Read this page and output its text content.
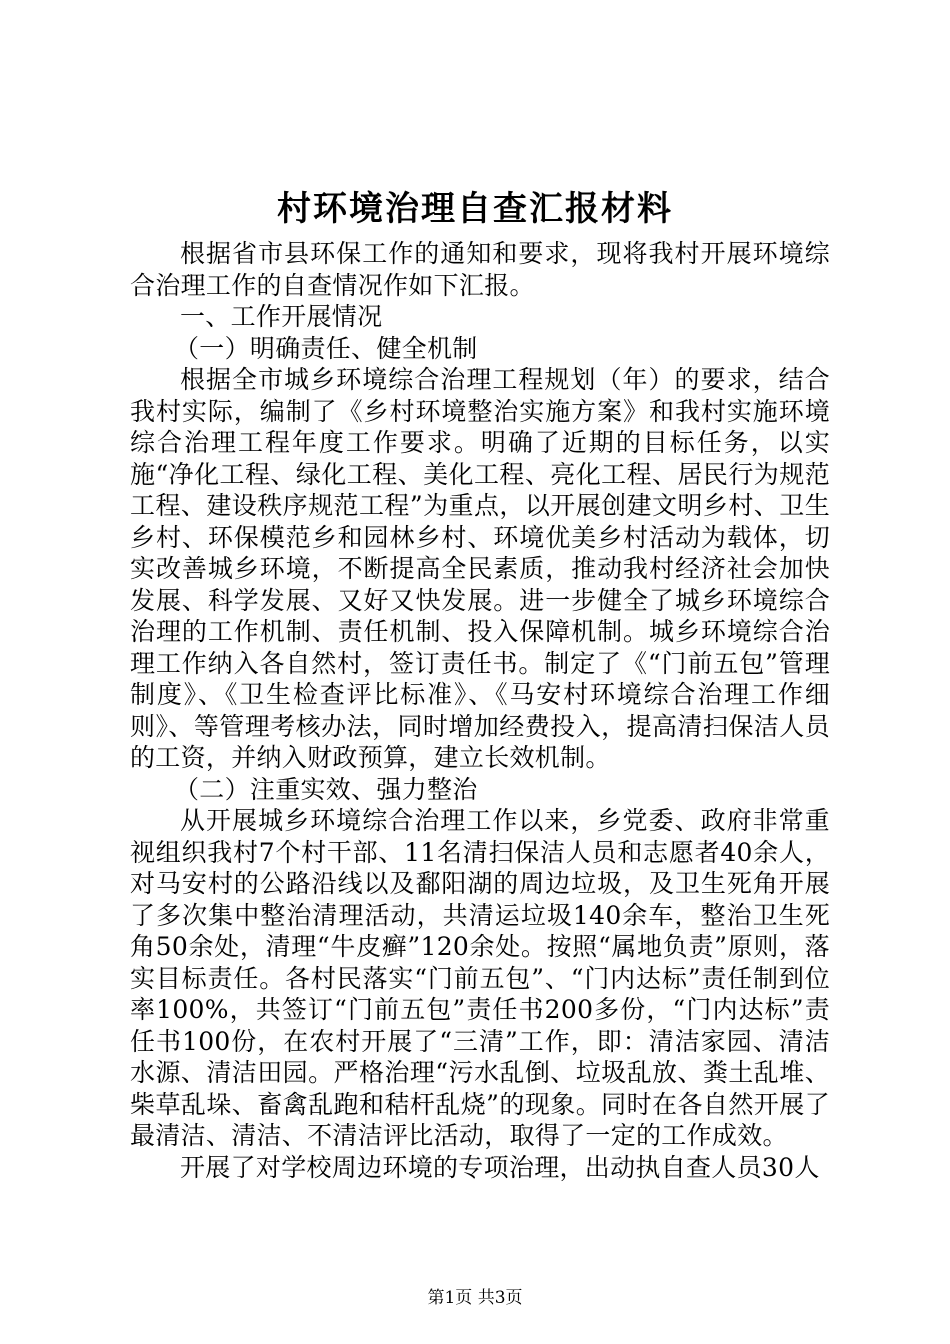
村环境治理自查汇报材料

根据省市县环保工作的通知和要求，现将我村开展环境综合治理工作的自查情况作如下汇报。

一、工作开展情况

（一）明确责任、健全机制

根据全市城乡环境综合治理工程规划（年）的要求，结合我村实际，编制了《乡村环境整治实施方案》和我村实施环境综合治理工程年度工作要求。明确了近期的目标任务，以实施“净化工程、绿化工程、美化工程、亮化工程、居民行为规范工程、建设秩序规范工程”为重点，以开展创建文明乡村、卫生乡村、环保模范乡和园林乡村、环境优美乡村活动为载体，切实改善城乡环境，不断提高全民素质，推动我村经济社会加快发展、科学发展、又好又快发展。进一步健全了城乡环境综合治理的工作机制、责任机制、投入保障机制。城乡环境综合治理工作纳入各自然村，签订责任书。制定了《“门前五包”管理制度》、《卫生检查评比标准》、《马安村环境综合治理工作细则》、等管理考核办法，同时增加经费投入，提高清扫保洁人员的工资，并纳入财政预算，建立长效机制。

（二）注重实效、强力整治

从开展城乡环境综合治理工作以来，乡党委、政府非常重视组织我村7个村干部、11名清扫保洁人员和志愿者40余人，对马安村的公路沿线以及鄱阳湖的周边垃圾，及卫生死角开展了多次集中整治清理活动，共清运垃圾140余车，整治卫生死角50余处，清理“牛皮癣”120余处。按照“属地负责”原则，落实目标责任。各村民落实“门前五包”、“门内达标”责任制到位率100%，共签订“门前五包”责任书200多份，“门内达标”责任书100份，在农村开展了“三清”工作，即：清洁家园、清洁水源、清洁田园。严格治理“污水乱倒、垃圾乱放、粪土乱堆、柴草乱垛、畜禽乱跑和秸杆乱烧”的现象。同时在各自然开展了最清洁、清洁、不清洁评比活动，取得了一定的工作成效。

开展了对学校周边环境的专项治理，出动执自查人员30人

第1页 共3页
